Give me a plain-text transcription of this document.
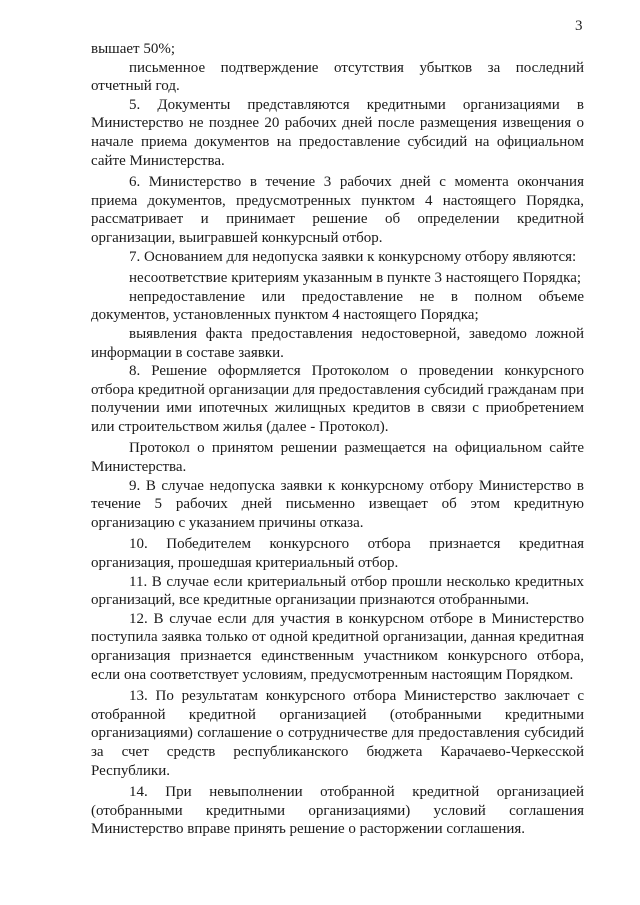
3

вышает 50%;

письменное подтверждение отсутствия убытков за последний отчетный год.

5. Документы представляются кредитными организациями в Министерство не позднее 20 рабочих дней после размещения извещения о начале приема документов на предоставление субсидий на официальном сайте Министерства.

6. Министерство в течение 3 рабочих дней с момента окончания приема документов, предусмотренных пунктом 4 настоящего Порядка, рассматривает и принимает решение об определении кредитной организации, выигравшей конкурсный отбор.

7. Основанием для недопуска заявки к конкурсному отбору являются:

несоответствие критериям указанным в пункте 3 настоящего Порядка;

непредоставление или предоставление не в полном объеме документов, установленных пунктом 4 настоящего Порядка;

выявления факта предоставления недостоверной, заведомо ложной информации в составе заявки.

8. Решение оформляется Протоколом о проведении конкурсного отбора кредитной организации для предоставления субсидий гражданам при получении ими ипотечных жилищных кредитов в связи с приобретением или строительством жилья (далее - Протокол).

Протокол о принятом решении размещается на официальном сайте Министерства.

9. В случае недопуска заявки к конкурсному отбору Министерство в течение 5 рабочих дней письменно извещает об этом кредитную организацию с указанием причины отказа.

10. Победителем конкурсного отбора признается кредитная организация, прошедшая критериальный отбор.

11. В случае если критериальный отбор прошли несколько кредитных организаций, все кредитные организации признаются отобранными.

12. В случае если для участия в конкурсном отборе в Министерство поступила заявка только от одной кредитной организации, данная кредитная организация признается единственным участником конкурсного отбора, если она соответствует условиям, предусмотренным настоящим Порядком.

13. По результатам конкурсного отбора Министерство заключает с отобранной кредитной организацией (отобранными кредитными организациями) соглашение о сотрудничестве для предоставления субсидий за счет средств республиканского бюджета Карачаево-Черкесской Республики.

14. При невыполнении отобранной кредитной организацией (отобранными кредитными организациями) условий соглашения Министерство вправе принять решение о расторжении соглашения.
